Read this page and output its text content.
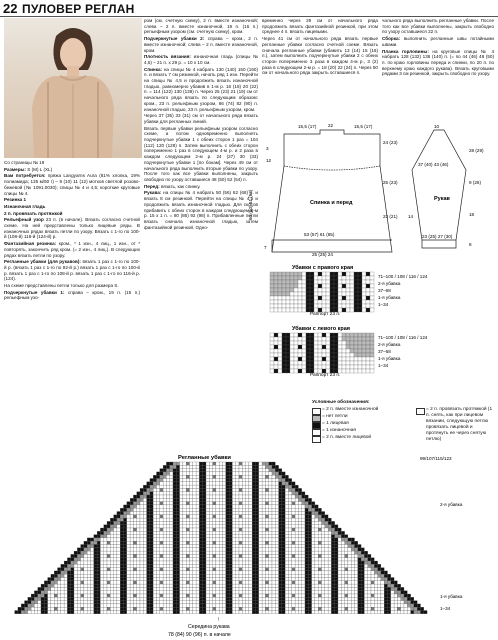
22 ПУЛОВЕР РЕГЛАН

Со страницы № 19

Размеры: S (M) L (XL)

Вам потребуется: пряжа Langyarns Aura (81% хлопка, 19% полиамида; 135 м/50 г) – 9 (10) 11 (12) мотков светлой розово-бежевой (№ 1091.0030); спицы № 4 и 4,5; короткие круговые спицы № 4.

Резинка 1

Изнаночная гладь

2 п. провязать протяжкой

Рельефный узор 23 п. (в начале). Вязать согласно счетной схеме. На ней представлены только лицевые ряды. В изнаночных рядах вязать петли по узору. Вязать с 1-го по 100-й (108-й) 116-й (124-й) р.

Фантазийная резинка: кром., * 1 изн., 4 лиц., 1 изн., от * повторять, закончить ряд кром. (= 2 изн., 4 лиц.). В следующих рядах вязать петли по узору.

Регланные убавки (для рукавов): вязать 1 раз с 1-го по 100-й р. (вязать 1 раз с 1-го по 92-й р.) вязать 1 раз с 1-го по 100-й р. вязать 1 раз с 1-го по 108-й р. вязать 1 раз с 1-го по 116-й р. (124).

На схеме представлены петли только для размера S.

Подчеркнутые убавки 1: справа – кром., 19 п. (15 п.) рельефным узо-

ром (см. счетную схему), 2 п. вместе изнаночной; слева – 2 п. вместе изнаночной, 19 п. (15 п.) рельефным узором (см. счетную схему), кром.

Подчеркнутые убавки 2: справа – кром., 2 п. вместе изнаночной; слева – 2 п. вместе изнаночной, кром.

Плотность вязания: изнаночная гладь (спицы № 4,5) – 21 п. х 29 р. = 10 х 10 см.

Спинка: на спицы № 4 набрать 130 (140) 150 (160) п. и вязать 7 см резинкой, начать ряд 1 изн. Перейти на спицы № 4,5 и продолжить вязать изнаночной гладью, равномерно убавив в 1-м р. 16 (18) 20 (22) п. = 114 (122) 130 (138) п. Через 25 (23) 21 (19) см от начального ряда вязать по следующим образом: кром., 23 п. рельефным узором, 66 (74) 82 (90) п. изнаночной гладью, 23 п. рельефным узором, кром.

Через 37 (35) 33 (31) см от начального ряда вязать убавки для регланных линий.

Вязать первые убавки рельефным узором согласно схеме, а потом одновременно выполнять подчеркнутые убавки 1 с обеих сторон 1 раз = 104 (112) 120 (128) п. Затем выполнить с обеих сторон попеременно 1 раз в следующем 4-м р. и 2 раза в каждом следующем 2-м р. 24 (27) 30 (33) подчеркнутые убавки 1 [по бокам]. Через 49 см от начального ряда выполнить вторые убавки по узору. После того как все убавки выполнены, закрыть свободно по узору оставшиеся 48 (50) 52 (54) п.

Перед: вязать, как спинку.

Рукава: на спицы № 4 набрать 50 (56) 62 (68) п. и вязать 8 см резинкой. Перейти на спицы № 4,5 и продолжить вязать изнаночной гладью. Для скосов прибавить с обеих сторон в каждом следующем 6-м р. 15 х 1 п. = 80 (86) 92 (98) п. Прибавленные петли вязать сначала изнаночной гладью, затем фантазийной резинкой. Одно-

временно через 29 см от начального ряда продолжить вязать фантазийной резинкой, при этом среднее 4 п. вязать лицевыми.

Через 41 см от начального ряда вязать первые регланные убавки согласно счетной схеме. Вязать сначала регланные убавки (убавить 13 (14) 15 (16) п.), затем выполнить подчеркнутые убавки 2 с обеих сторон попеременно 3 раза в каждом 4-м р., 3 (2) раза в следующем 2-м р. = 18 (20) 22 (24) п. Через 50 см от начального ряда закрыть оставшиеся п.

чального ряда выполнить регланные убавки. После того как все убавки выполнены, закрыть свободно по узору оставшиеся 22 п.

Сборка: выполнить регланные швы потайными швами.

Планка горловины: на круговые спицы № 4 набрать 128 (132) 136 (140) п. (= по 44 (46) 48 (50) п. по краю горловины переда и спинки, по 20 п. по верхнему краю каждого рукава). Вязать круговыми рядами 3 см резинкой, закрыть свободно по узору.

15,5 (17)	22	15,5 (17)
3
12
24 (23)
25 (23)
23 (21)
60 (60) 61 (62)
53 (57) 61 (65)
7
25 (25) 24
Спинка и перед
10
37 (40) 43 (46)
28 (29)
9 (26)
23 (25) 27 (30)
8
18
14
Рукав
Убавки с правого края
Раппорт 23 п.
71–100 / 108 / 116 / 124
2-я убавка
37–68
1-я убавка
1–34
Убавки с левого края
Раппорт 23 п.
71–100 / 108 / 116 / 124
2-я убавка
37–68
1-я убавка
1–34
Условные обозначения:
= 2 п. вместе изнаночной
= нет петли
= 1 лицевая
= 1 изнаночная
= 2 п. вместе лицевой
= 2 п. провязать протяжкой (1 п. снять, как при лицевом вязании, следующую петлю провязать лицевой и протянуть ее через снятую петлю)
Регланные убавки	99/107/115/123
2-я убавка
1-я убавка
1–34
↑
Середина рукава
78 (84) 90 (96) п. в начале
